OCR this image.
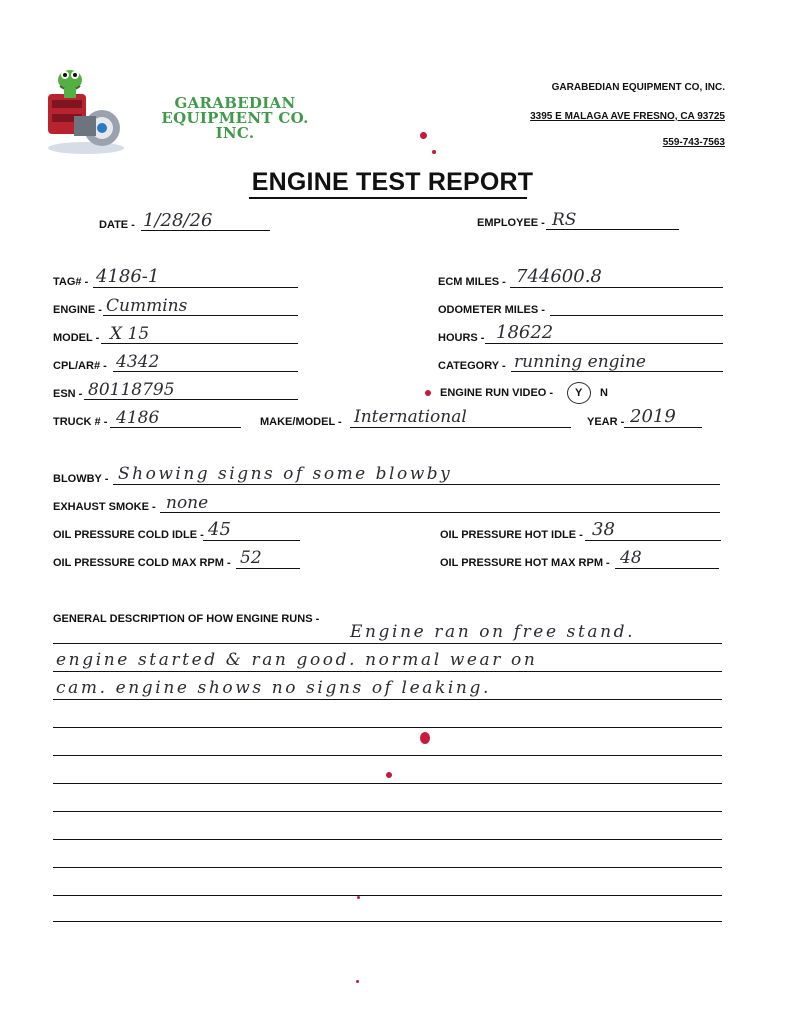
GARABEDIAN
EQUIPMENT CO. INC.
GARABEDIAN EQUIPMENT CO, INC.
3395 E MALAGA AVE FRESNO, CA 93725
559-743-7563
ENGINE TEST REPORT
DATE - 1/28/26	EMPLOYEE - RS
TAG# - 4186-1
ENGINE - Cummins
MODEL - X 15
CPL/AR# - 4342
ESN - 80118795
TRUCK # - 4186
ECM MILES - 744600.8
ODOMETER MILES -
HOURS - 18622
CATEGORY - running engine
ENGINE RUN VIDEO - Y N
MAKE/MODEL - International	YEAR - 2019
BLOWBY - Showing signs of some blowby
EXHAUST SMOKE - none
OIL PRESSURE COLD IDLE - 45	OIL PRESSURE HOT IDLE - 38
OIL PRESSURE COLD MAX RPM - 52	OIL PRESSURE HOT MAX RPM - 48
GENERAL DESCRIPTION OF HOW ENGINE RUNS -
Engine ran on free stand.
engine started & ran good. normal wear on
cam. engine shows no signs of leaking.
